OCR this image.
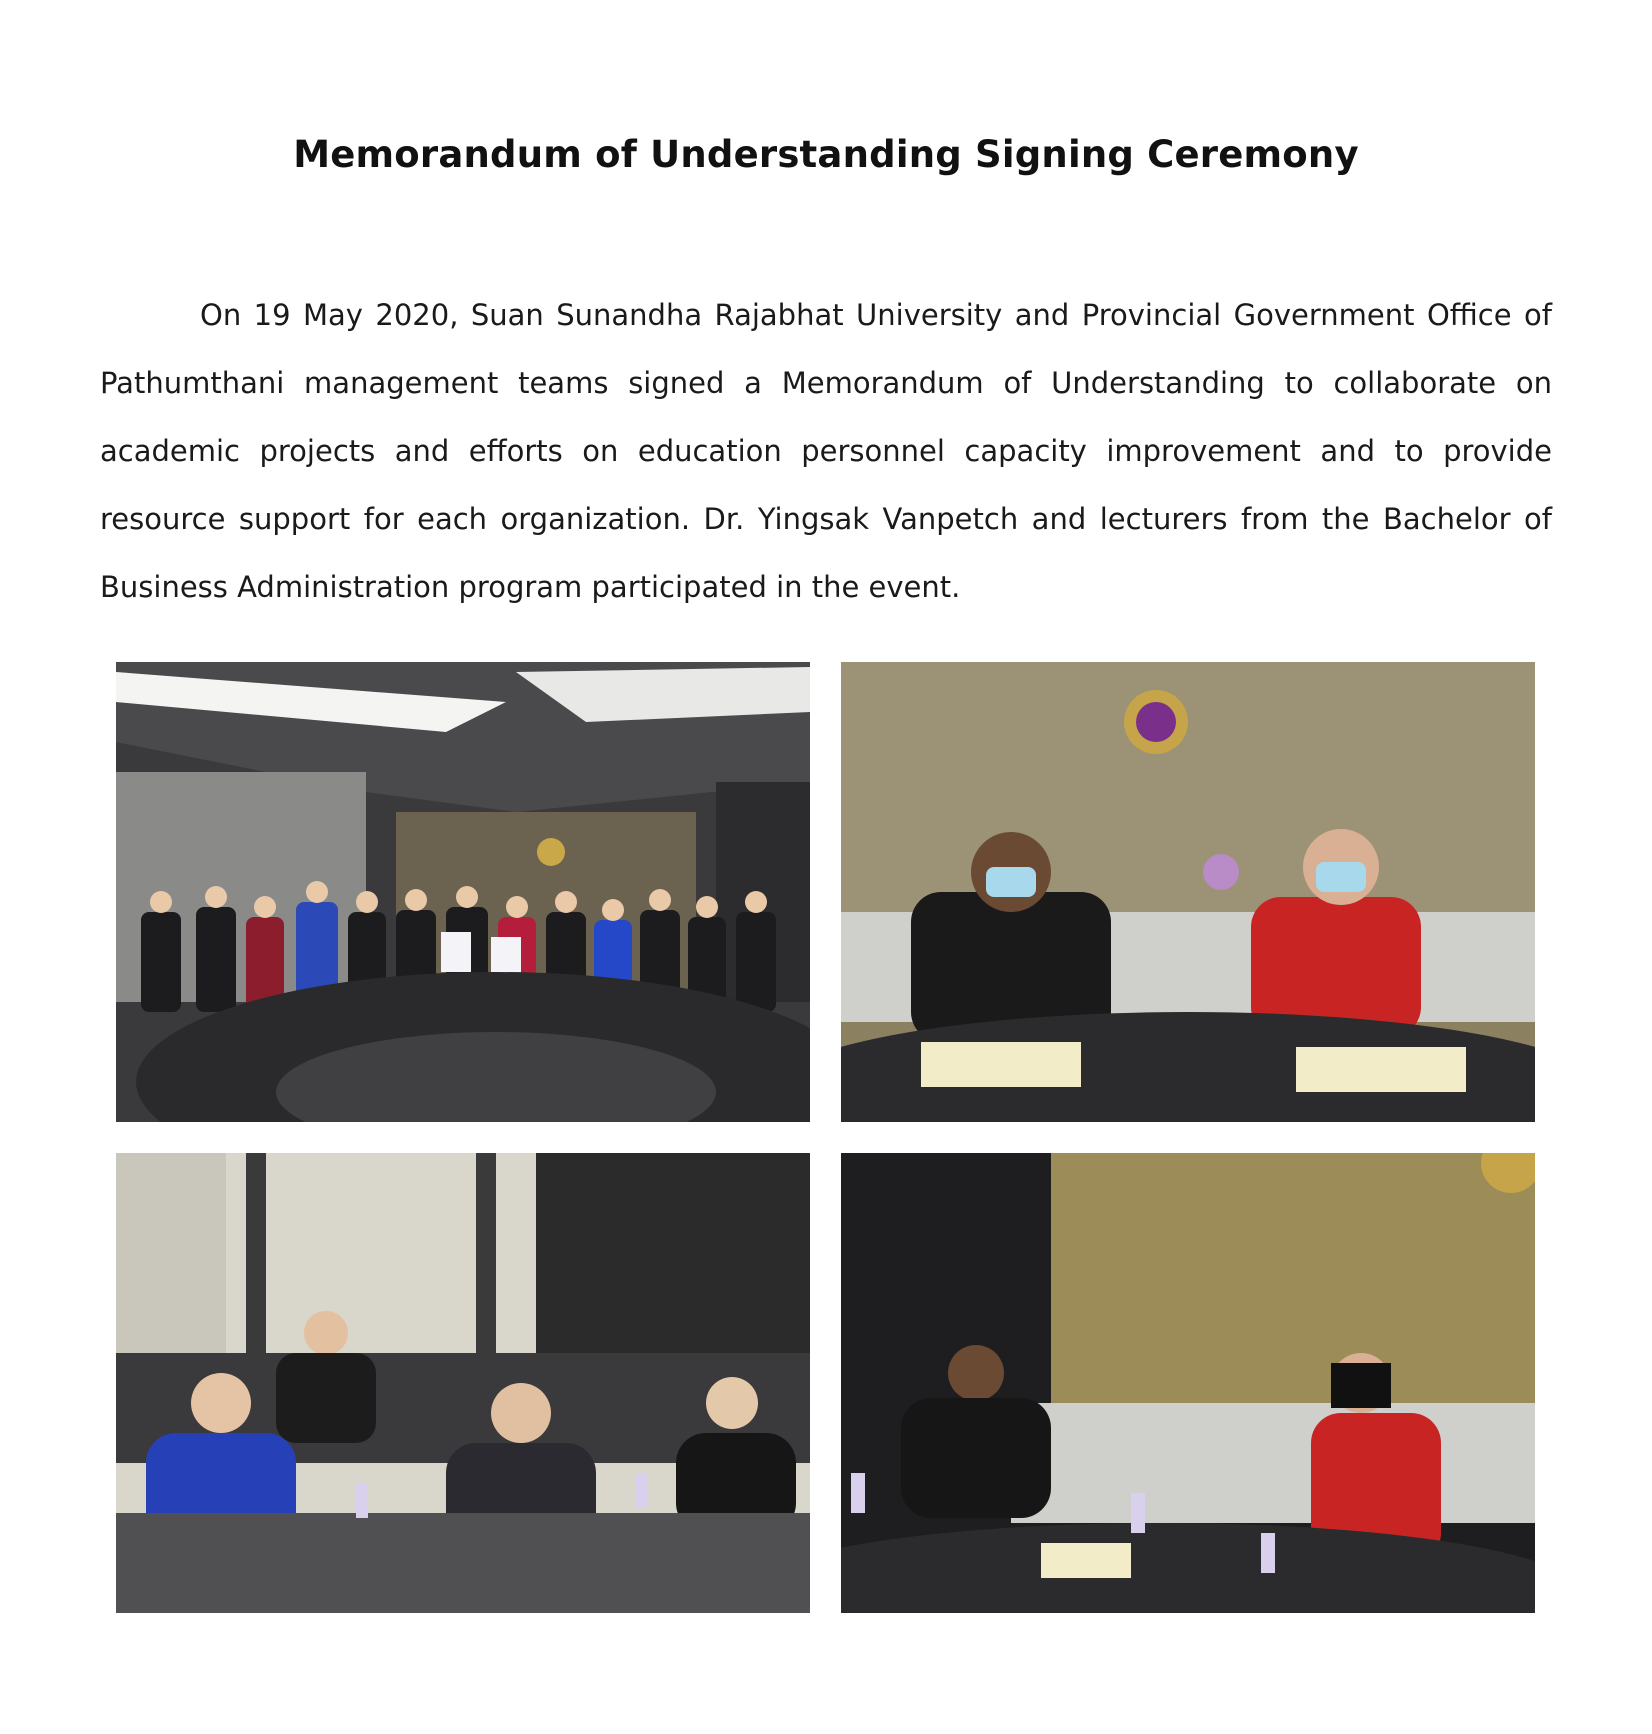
Memorandum of Understanding Signing Ceremony

On 19 May 2020, Suan Sunandha Rajabhat University and Provincial Government Office of Pathumthani management teams signed a Memorandum of Understanding to collaborate on academic projects and efforts on education personnel capacity improvement and to provide resource support for each organization. Dr. Yingsak Vanpetch and lecturers from the Bachelor of Business Administration program participated in the event.
